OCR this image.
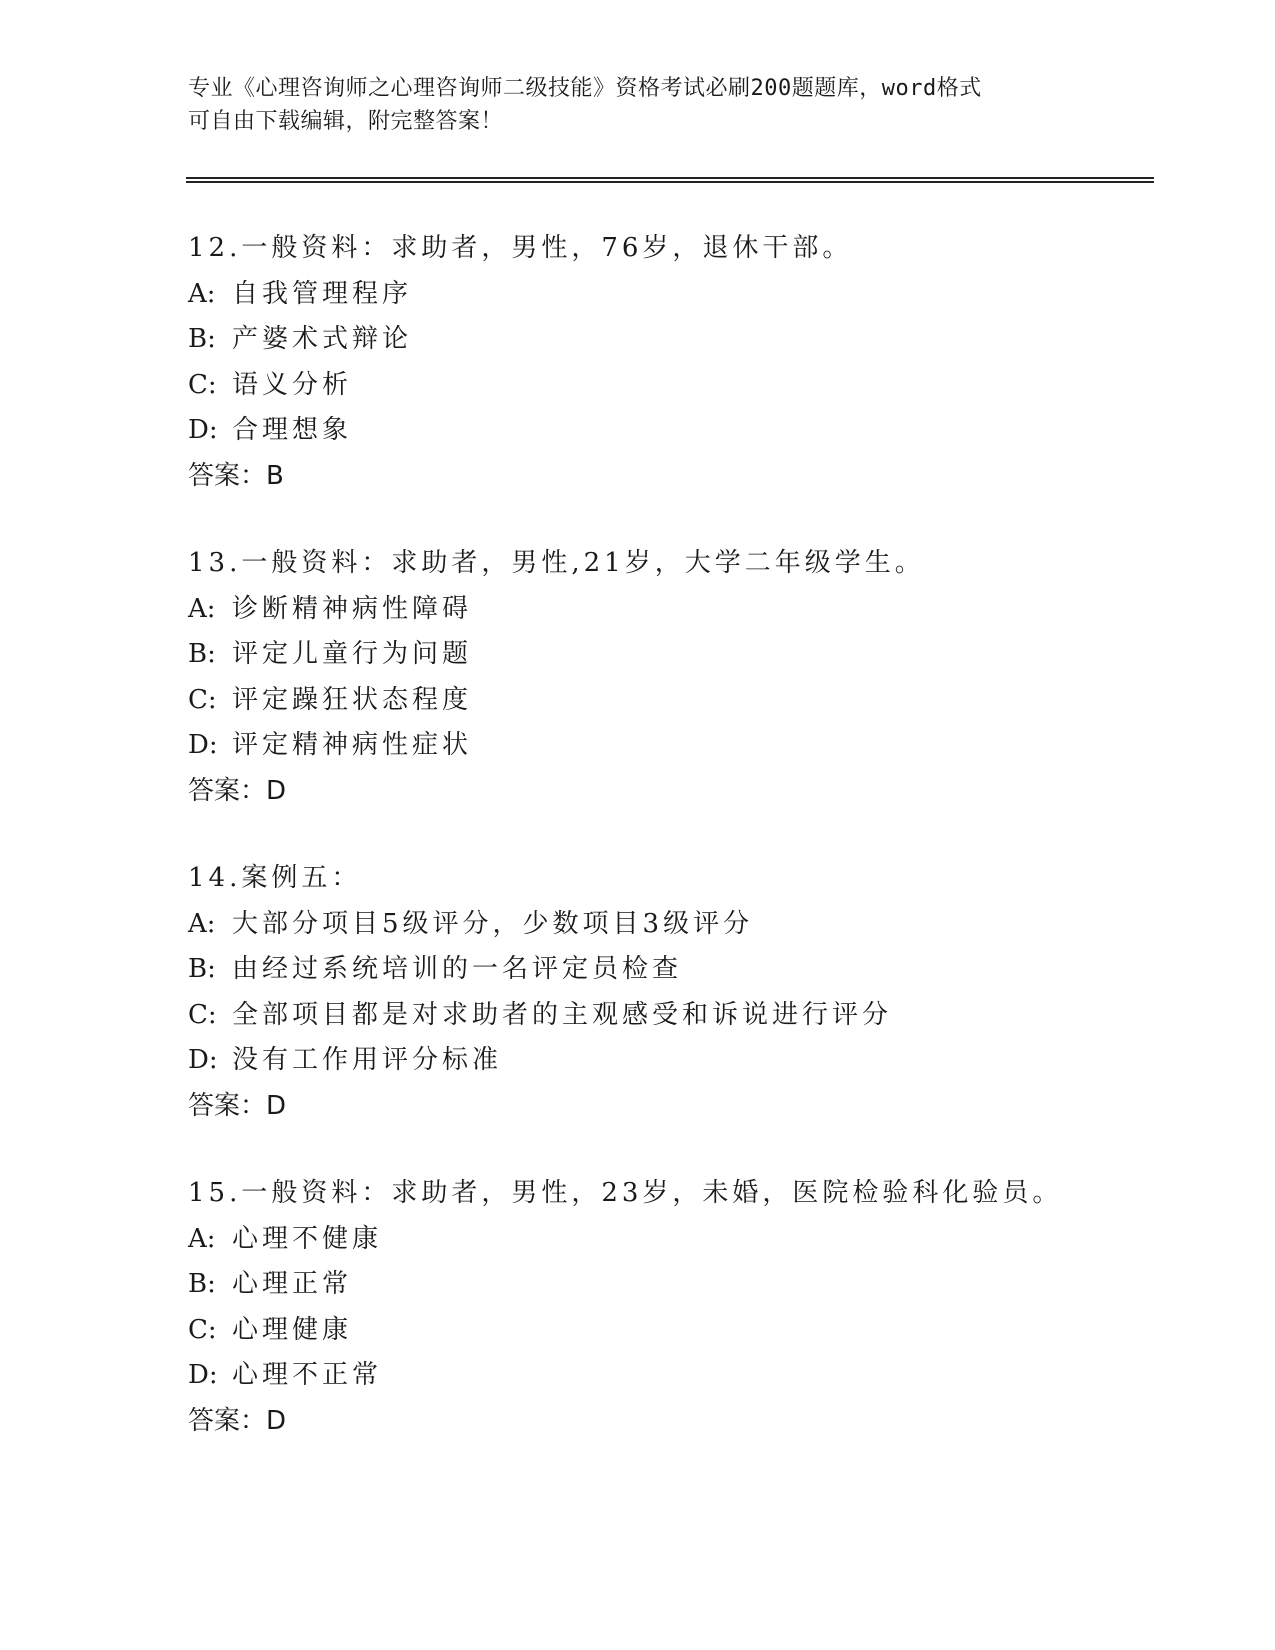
专业《心理咨询师之心理咨询师二级技能》资格考试必刷200题题库，word格式
可自由下载编辑，附完整答案！
12.一般资料：求助者，男性，76岁，退休干部。
A: 自我管理程序
B: 产婆术式辩论
C: 语义分析
D: 合理想象
答案：B
13.一般资料：求助者，男性,21岁，大学二年级学生。
A: 诊断精神病性障碍
B: 评定儿童行为问题
C: 评定躁狂状态程度
D: 评定精神病性症状
答案：D
14.案例五：
A: 大部分项目5级评分，少数项目3级评分
B: 由经过系统培训的一名评定员检查
C: 全部项目都是对求助者的主观感受和诉说进行评分
D: 没有工作用评分标准
答案：D
15.一般资料：求助者，男性，23岁，未婚，医院检验科化验员。
A: 心理不健康
B: 心理正常
C: 心理健康
D: 心理不正常
答案：D
